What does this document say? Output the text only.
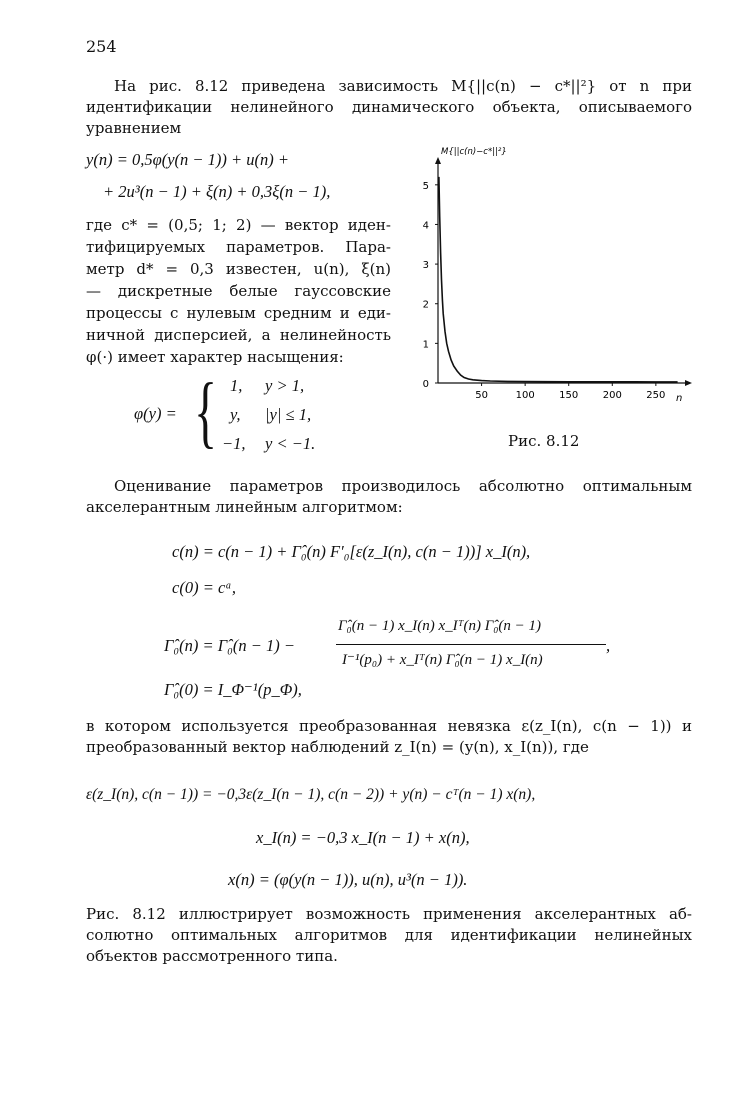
254
На рис. 8.12 приведена зависимость M{||c(n) − c*||²} от n при
идентификации нелинейного динамического объекта, описываемого
уравнением
y(n) = 0,5φ(y(n − 1)) + u(n) +
+ 2u³(n − 1) + ξ(n) + 0,3ξ(n − 1),
где c* = (0,5; 1; 2) — вектор иден-
тифицируемых параметров. Пара-
метр d* = 0,3 известен, u(n), ξ(n)
— дискретные белые гауссовские
процессы с нулевым средним и еди-
ничной дисперсией, а нелинейность
φ(·) имеет характер насыщения:
φ(y) = { 1, y > 1,
y, |y| ≤ 1,
−1, y < −1.
50	100 150 200 250
0
1
2
3
4
5
M{||c(n)−c*||²}
n
Рис. 8.12
Оценивание параметров производилось абсолютно оптимальным
акселерантным линейным алгоритмом:
c(n) = c(n − 1) + Γ̂₀(n) F′₀[ε(z_I(n), c(n − 1))] x_I(n),
c(0) = cᵃ,
Γ̂₀(n) = Γ̂₀(n − 1) −
Γ̂₀(n − 1) x_I(n) x_Iᵀ(n) Γ̂₀(n − 1)
I⁻¹(p₀) + x_Iᵀ(n) Γ̂₀(n − 1) x_I(n)
,
Γ̂₀(0) = I_Φ⁻¹(p_Φ),
в котором используется преобразованная невязка ε(z_I(n), c(n − 1)) и
преобразованный вектор наблюдений z_I(n) = (y(n), x_I(n)), где
ε(z_I(n), c(n − 1)) = −0,3ε(z_I(n − 1), c(n − 2)) + y(n) − cᵀ(n − 1) x(n),
x_I(n) = −0,3 x_I(n − 1) + x(n),
x(n) = (φ(y(n − 1)), u(n), u³(n − 1)).
Рис. 8.12 иллюстрирует возможность применения акселерантных аб-
солютно оптимальных алгоритмов для идентификации нелинейных
объектов рассмотренного типа.
